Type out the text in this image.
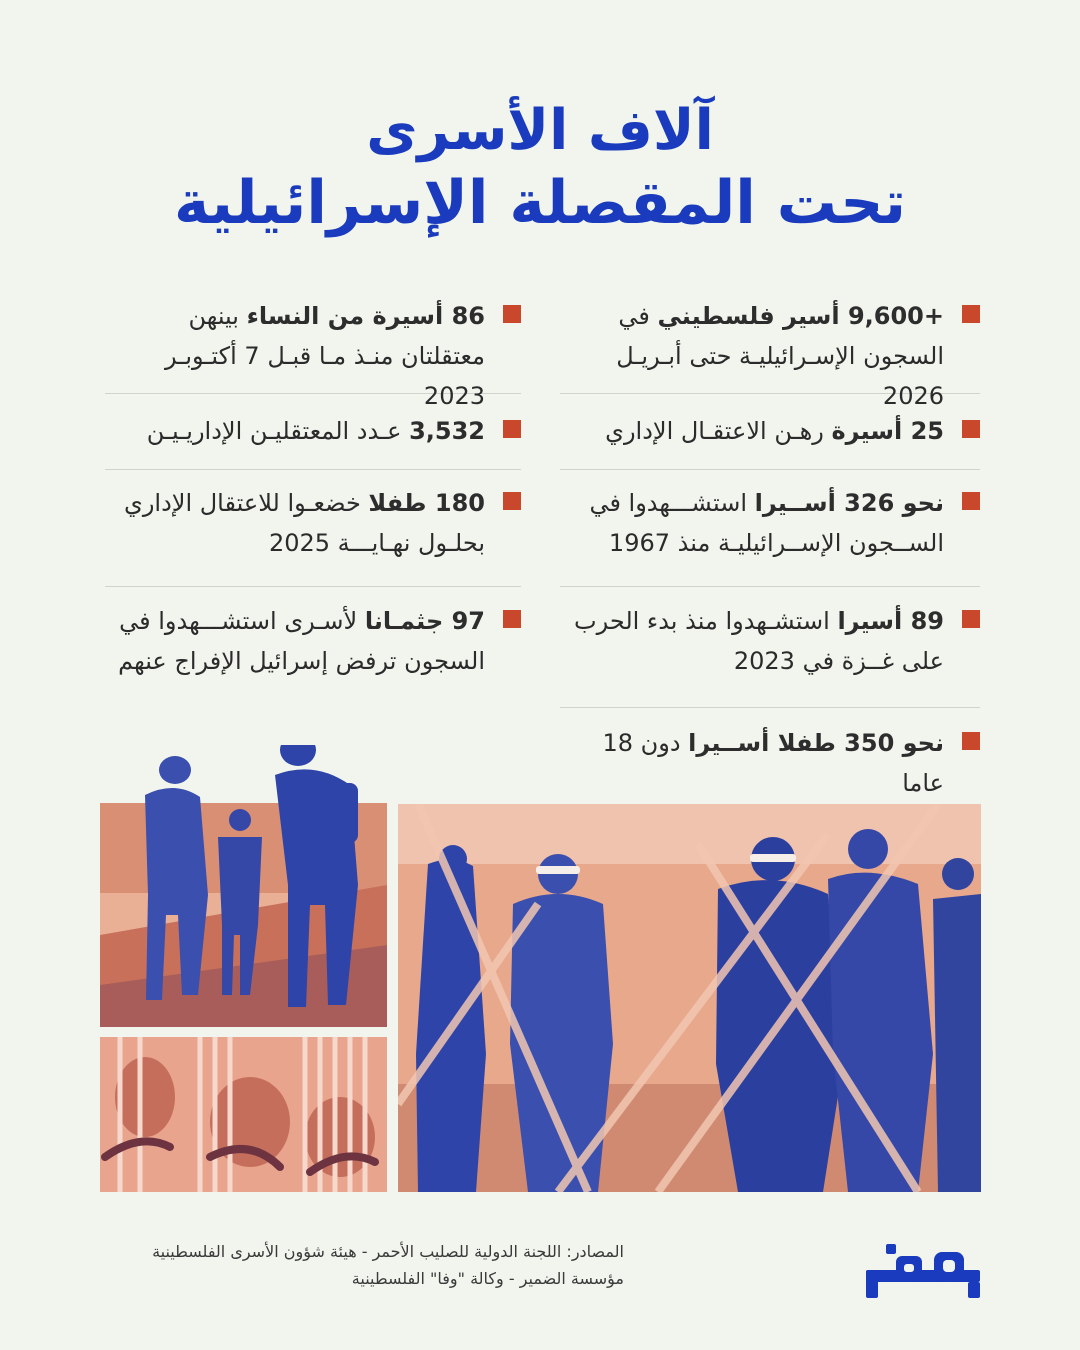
آلاف الأسرى
تحت المقصلة الإسرائيلية
+9,600 أسير فلسطيني في السجون الإسـرائيليـة حتى أبـريـل 2026
25 أسيرة رهـن الاعتقـال الإداري
نحو 326 أســيرا استشـــهدوا في الســجون الإســرائيليـة منذ 1967
89 أسيرا استشـهدوا منذ بدء الحرب على غــزة في 2023
نحو 350 طفلا أســيرا دون 18 عاما
86 أسيرة من النساء بينهن معتقلتان منـذ مـا قبـل 7 أكتـوبـر 2023
3,532 عـدد المعتقليـن الإداريـيـن
180 طفلا خضعـوا للاعتقال الإداري بحلـول نهـايـــة 2025
97 جثمـانا لأسـرى استشـــهدوا في السجون ترفض إسرائيل الإفراج عنهم
المصادر: اللجنة الدولية للصليب الأحمر - هيئة شؤون الأسرى الفلسطينية
مؤسسة الضمير - وكالة "وفا" الفلسطينية
